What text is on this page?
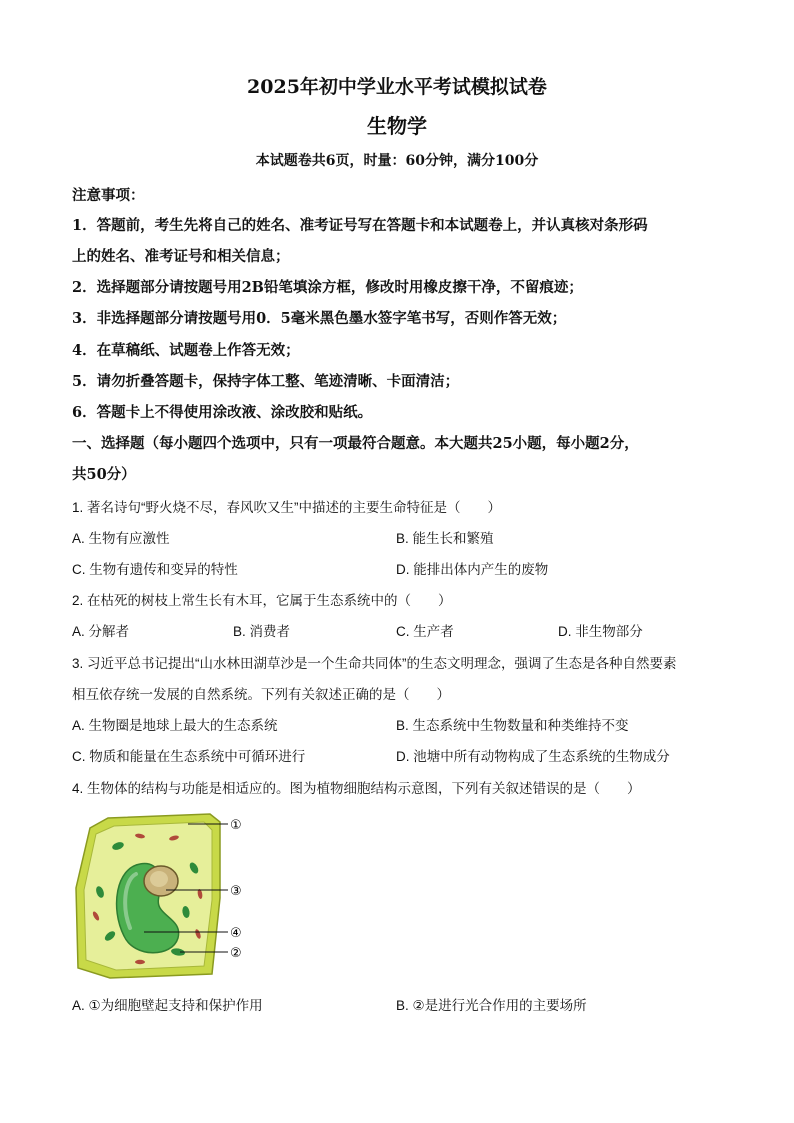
2025年初中学业水平考试模拟试卷
生物学
本试题卷共6页，时量：60分钟，满分100分
注意事项：
1．答题前，考生先将自己的姓名、准考证号写在答题卡和本试题卷上，并认真核对条形码
上的姓名、准考证号和相关信息；
2．选择题部分请按题号用2B铅笔填涂方框，修改时用橡皮擦干净，不留痕迹；
3．非选择题部分请按题号用0．5毫米黑色墨水签字笔书写，否则作答无效；
4．在草稿纸、试题卷上作答无效；
5．请勿折叠答题卡，保持字体工整、笔迹清晰、卡面清洁；
6．答题卡上不得使用涂改液、涂改胶和贴纸。
一、选择题（每小题四个选项中，只有一项最符合题意。本大题共25小题，每小题2分，
共50分）
1. 著名诗句“野火烧不尽，春风吹又生”中描述的主要生命特征是（　　）
A. 生物有应激性	B. 能生长和繁殖
C. 生物有遗传和变异的特性	D. 能排出体内产生的废物
2. 在枯死的树枝上常生长有木耳，它属于生态系统中的（　　）
A. 分解者	B. 消费者	C. 生产者	D. 非生物部分
3. 习近平总书记提出“山水林田湖草沙是一个生命共同体”的生态文明理念，强调了生态是各种自然要素
相互依存统一发展的自然系统。下列有关叙述正确的是（　　）
A. 生物圈是地球上最大的生态系统	B. 生态系统中生物数量和种类维持不变
C. 物质和能量在生态系统中可循环进行	D. 池塘中所有动物构成了生态系统的生物成分
4. 生物体的结构与功能是相适应的。图为植物细胞结构示意图，下列有关叙述错误的是（　　）
①
③
④
②
A. ①为细胞壁起支持和保护作用	B. ②是进行光合作用的主要场所
